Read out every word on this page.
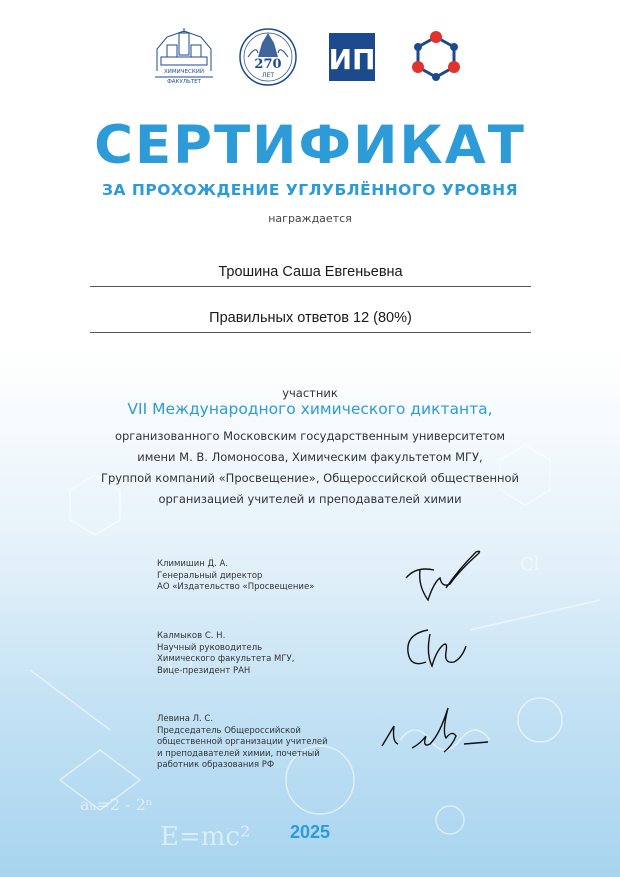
E=mc²
aₙ=2 - 2ⁿ
Cl
ХИМИЧЕСКИЙ
ФАКУЛЬТЕТ
270
ЛЕТ ИП
СЕРТИФИКАТ
ЗА ПРОХОЖДЕНИЕ УГЛУБЛЁННОГО УРОВНЯ
награждается
Трошина Саша Евгеньевна
Правильных ответов 12 (80%)
участник
VII Международного химического диктанта,
организованного Московским государственным университетом
имени М. В. Ломоносова, Химическим факультетом МГУ,
Группой компаний «Просвещение», Общероссийской общественной
организацией учителей и преподавателей химии
Климишин Д. А.
Генеральный директор
АО «Издательство «Просвещение»
Калмыков С. Н.
Научный руководитель
Химического факультета МГУ,
Вице-президент РАН
Левина Л. С.
Председатель Общероссийской
общественной организации учителей
и преподавателей химии, почетный
работник образования РФ
2025
